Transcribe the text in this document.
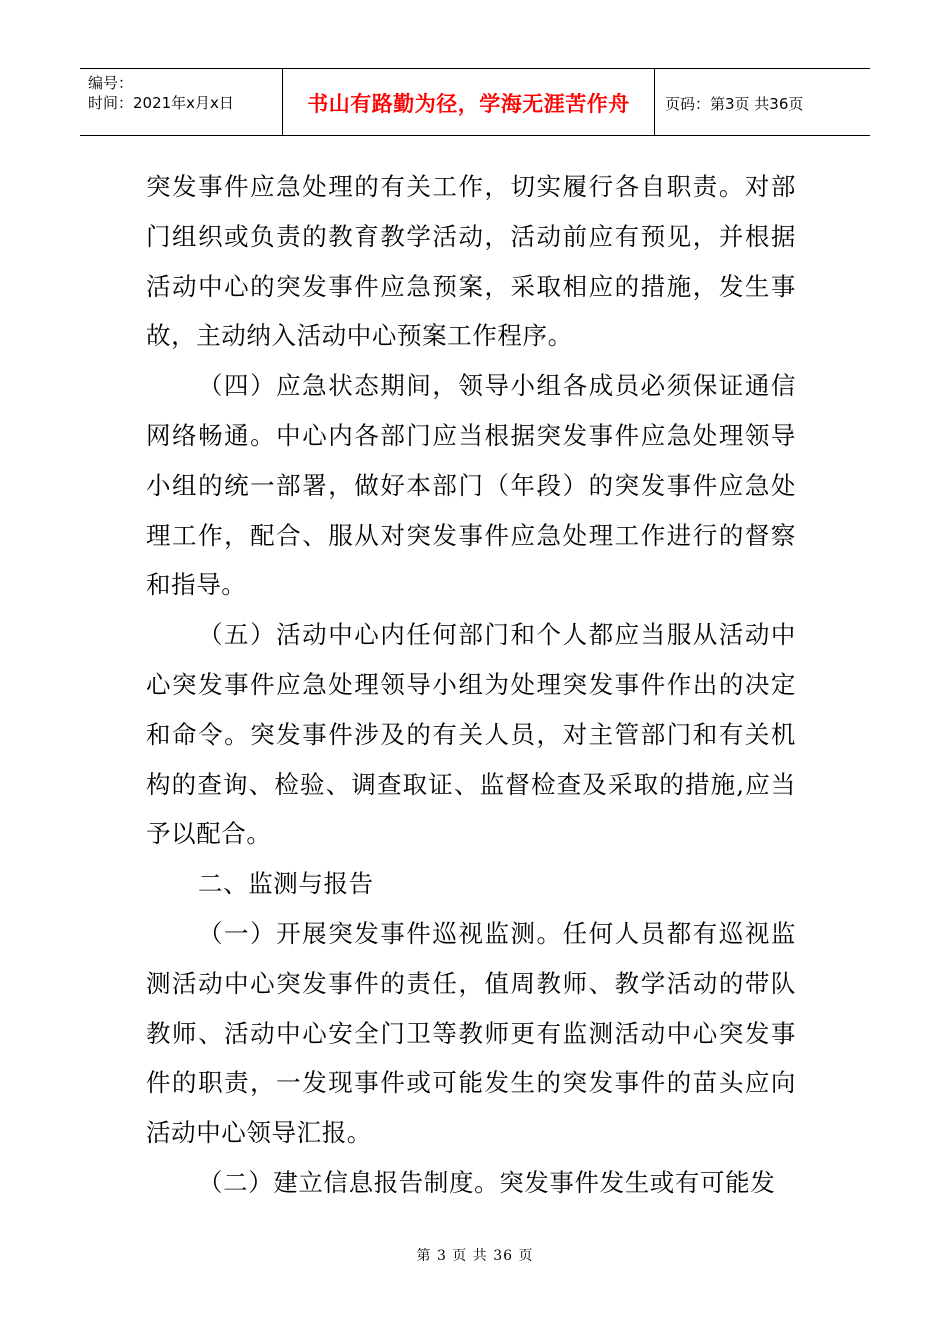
编号：
时间：2021年x月x日	书山有路勤为径，学海无涯苦作舟	页码：第3页 共36页

突发事件应急处理的有关工作，切实履行各自职责。对部门组织或负责的教育教学活动，活动前应有预见，并根据活动中心的突发事件应急预案，采取相应的措施，发生事故，主动纳入活动中心预案工作程序。

（四）应急状态期间，领导小组各成员必须保证通信网络畅通。中心内各部门应当根据突发事件应急处理领导小组的统一部署，做好本部门（年段）的突发事件应急处理工作，配合、服从对突发事件应急处理工作进行的督察和指导。

（五）活动中心内任何部门和个人都应当服从活动中心突发事件应急处理领导小组为处理突发事件作出的决定和命令。突发事件涉及的有关人员，对主管部门和有关机构的查询、检验、调查取证、监督检查及采取的措施,应当予以配合。

二、监测与报告

（一）开展突发事件巡视监测。任何人员都有巡视监测活动中心突发事件的责任，值周教师、教学活动的带队教师、活动中心安全门卫等教师更有监测活动中心突发事件的职责，一发现事件或可能发生的突发事件的苗头应向活动中心领导汇报。

（二）建立信息报告制度。突发事件发生或有可能发

第 3 页 共 36 页
